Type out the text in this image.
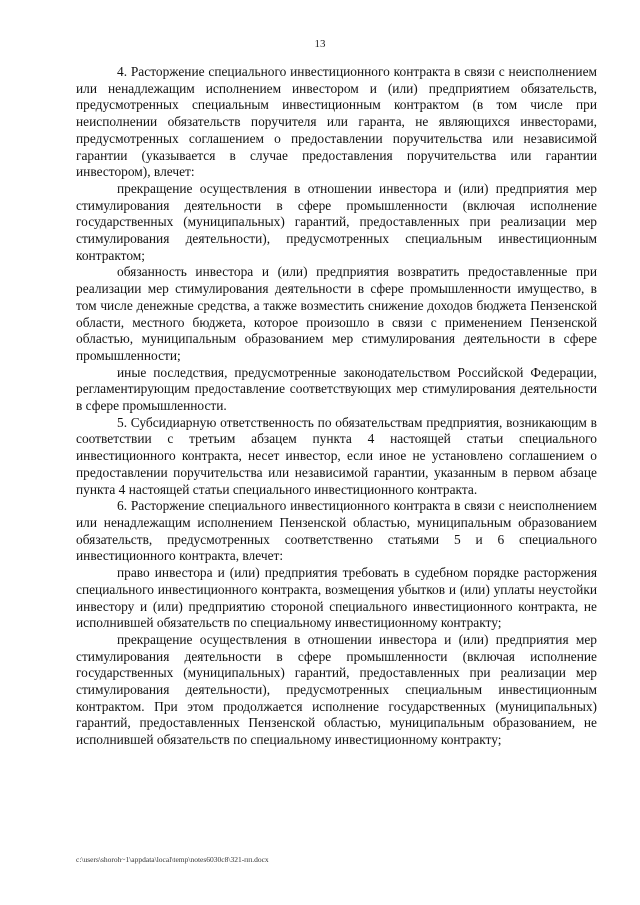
13

4. Расторжение специального инвестиционного контракта в связи с неисполнением или ненадлежащим исполнением инвестором и (или) предприятием обязательств, предусмотренных специальным инвестиционным контрактом (в том числе при неисполнении обязательств поручителя или гаранта, не являющихся инвесторами, предусмотренных соглашением о предоставлении поручительства или независимой гарантии (указывается в случае предоставления поручительства или гарантии инвестором), влечет:

прекращение осуществления в отношении инвестора и (или) предприятия мер стимулирования деятельности в сфере промышленности (включая исполнение государственных (муниципальных) гарантий, предоставленных при реализации мер стимулирования деятельности), предусмотренных специальным инвестиционным контрактом;

обязанность инвестора и (или) предприятия возвратить предоставленные при реализации мер стимулирования деятельности в сфере промышленности имущество, в том числе денежные средства, а также возместить снижение доходов бюджета Пензенской области, местного бюджета, которое произошло в связи с применением Пензенской областью, муниципальным образованием мер стимулирования деятельности в сфере промышленности;

иные последствия, предусмотренные законодательством Российской Федерации, регламентирующим предоставление соответствующих мер стимулирования деятельности в сфере промышленности.

5. Субсидиарную ответственность по обязательствам предприятия, возникающим в соответствии с третьим абзацем пункта 4 настоящей статьи специального инвестиционного контракта, несет инвестор, если иное не установлено соглашением о предоставлении поручительства или независимой гарантии, указанным в первом абзаце пункта 4 настоящей статьи специального инвестиционного контракта.

6. Расторжение специального инвестиционного контракта в связи с неисполнением или ненадлежащим исполнением Пензенской областью, муниципальным образованием обязательств, предусмотренных соответственно статьями 5 и 6 специального инвестиционного контракта, влечет:

право инвестора и (или) предприятия требовать в судебном порядке расторжения специального инвестиционного контракта, возмещения убытков и (или) уплаты неустойки инвестору и (или) предприятию стороной специального инвестиционного контракта, не исполнившей обязательств по специальному инвестиционному контракту;

прекращение осуществления в отношении инвестора и (или) предприятия мер стимулирования деятельности в сфере промышленности (включая исполнение государственных (муниципальных) гарантий, предоставленных при реализации мер стимулирования деятельности), предусмотренных специальным инвестиционным контрактом. При этом продолжается исполнение государственных (муниципальных) гарантий, предоставленных Пензенской областью, муниципальным образованием, не исполнившей обязательств по специальному инвестиционному контракту;

c:\users\shoroh~1\appdata\local\temp\notes6030c8\321-пп.docx
